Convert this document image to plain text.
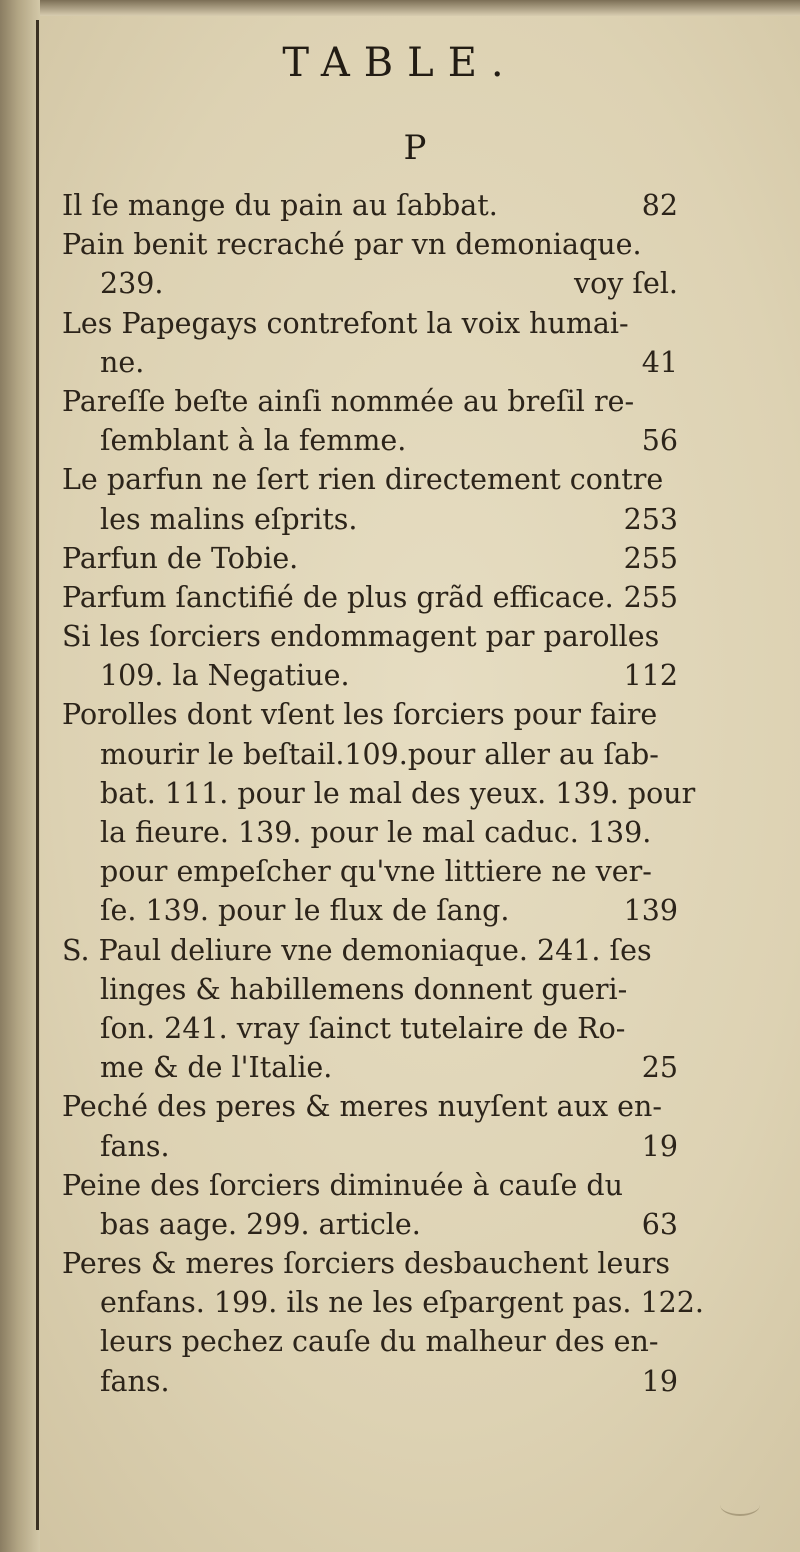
TABLE.
P
Il ſe mange du pain au ſabbat.	82
Pain benit recraché par vn demoniaque.
239.	voy ſel.
Les Papegays contrefont la voix humai-
ne.	41
Pareſſe beſte ainſi nommée au breſil re-
ſemblant à la femme.	56
Le parfun ne ſert rien directement contre
les malins eſprits.	253
Parfun de Tobie.	255
Parfum ſanctifié de plus grãd efficace. 255
Si les ſorciers endommagent par parolles
109. la Negatiue.	112
Porolles dont vſent les ſorciers pour faire
mourir le beſtail.109.pour aller au ſab-
bat. 111. pour le mal des yeux. 139. pour
la fieure. 139. pour le mal caduc. 139.
pour empeſcher qu'vne littiere ne ver-
ſe. 139. pour le flux de ſang.	139
S. Paul deliure vne demoniaque. 241. ſes
linges & habillemens donnent gueri-
ſon. 241. vray ſainct tutelaire de Ro-
me & de l'Italie.	25
Peché des peres & meres nuyſent aux en-
fans.	19
Peine des ſorciers diminuée à cauſe du
bas aage. 299. article.	63
Peres & meres ſorciers desbauchent leurs
enfans. 199. ils ne les eſpargent pas. 122.
leurs pechez cauſe du malheur des en-
fans.	19
